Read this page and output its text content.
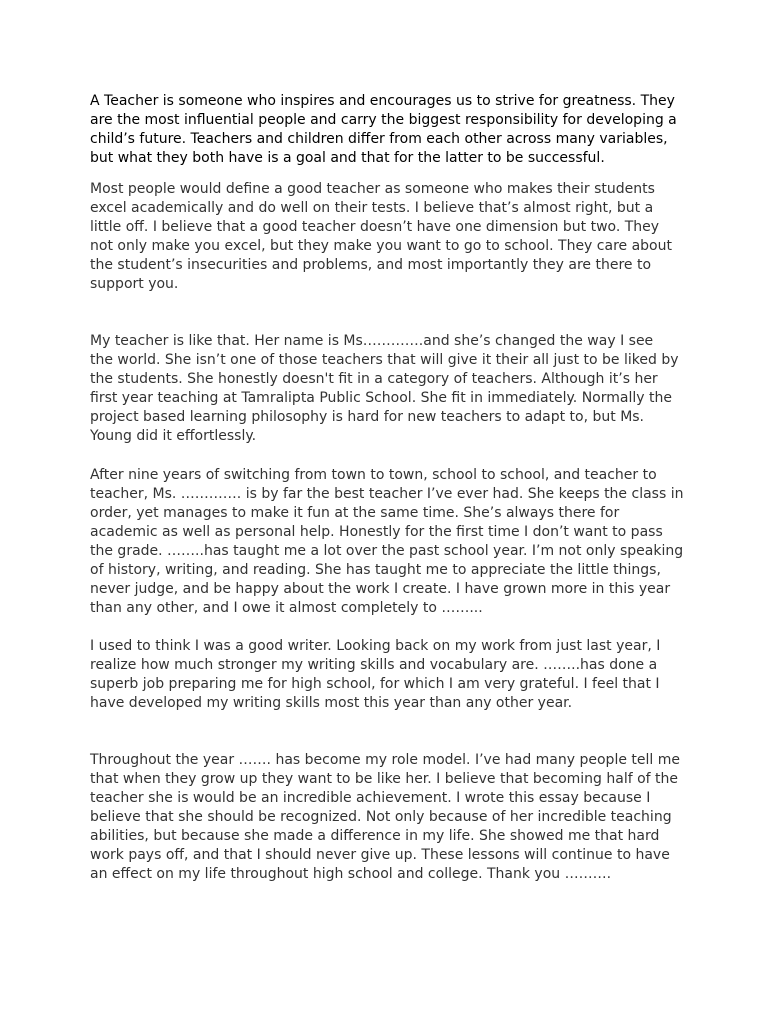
A Teacher is someone who inspires and encourages us to strive for greatness. They
are the most influential people and carry the biggest responsibility for developing a
child’s future. Teachers and children differ from each other across many variables,
but what they both have is a goal and that for the latter to be successful.

Most people would define a good teacher as someone who makes their students
excel academically and do well on their tests. I believe that’s almost right, but a
little off. I believe that a good teacher doesn’t have one dimension but two. They
not only make you excel, but they make you want to go to school. They care about
the student’s insecurities and problems, and most importantly they are there to
support you.

My teacher is like that. Her name is Ms………….and she’s changed the way I see
the world. She isn’t one of those teachers that will give it their all just to be liked by
the students. She honestly doesn't fit in a category of teachers. Although it’s her
first year teaching at Tamralipta Public School. She fit in immediately. Normally the
project based learning philosophy is hard for new teachers to adapt to, but Ms.
Young did it effortlessly.

After nine years of switching from town to town, school to school, and teacher to
teacher, Ms. …………. is by far the best teacher I’ve ever had. She keeps the class in
order, yet manages to make it fun at the same time. She’s always there for
academic as well as personal help. Honestly for the first time I don’t want to pass
the grade. ……..has taught me a lot over the past school year. I’m not only speaking
of history, writing, and reading. She has taught me to appreciate the little things,
never judge, and be happy about the work I create. I have grown more in this year
than any other, and I owe it almost completely to ……...

I used to think I was a good writer. Looking back on my work from just last year, I
realize how much stronger my writing skills and vocabulary are. ……..has done a
superb job preparing me for high school, for which I am very grateful. I feel that I
have developed my writing skills most this year than any other year.

Throughout the year ……. has become my role model. I’ve had many people tell me
that when they grow up they want to be like her. I believe that becoming half of the
teacher she is would be an incredible achievement. I wrote this essay because I
believe that she should be recognized. Not only because of her incredible teaching
abilities, but because she made a difference in my life. She showed me that hard
work pays off, and that I should never give up. These lessons will continue to have
an effect on my life throughout high school and college. Thank you ……….
